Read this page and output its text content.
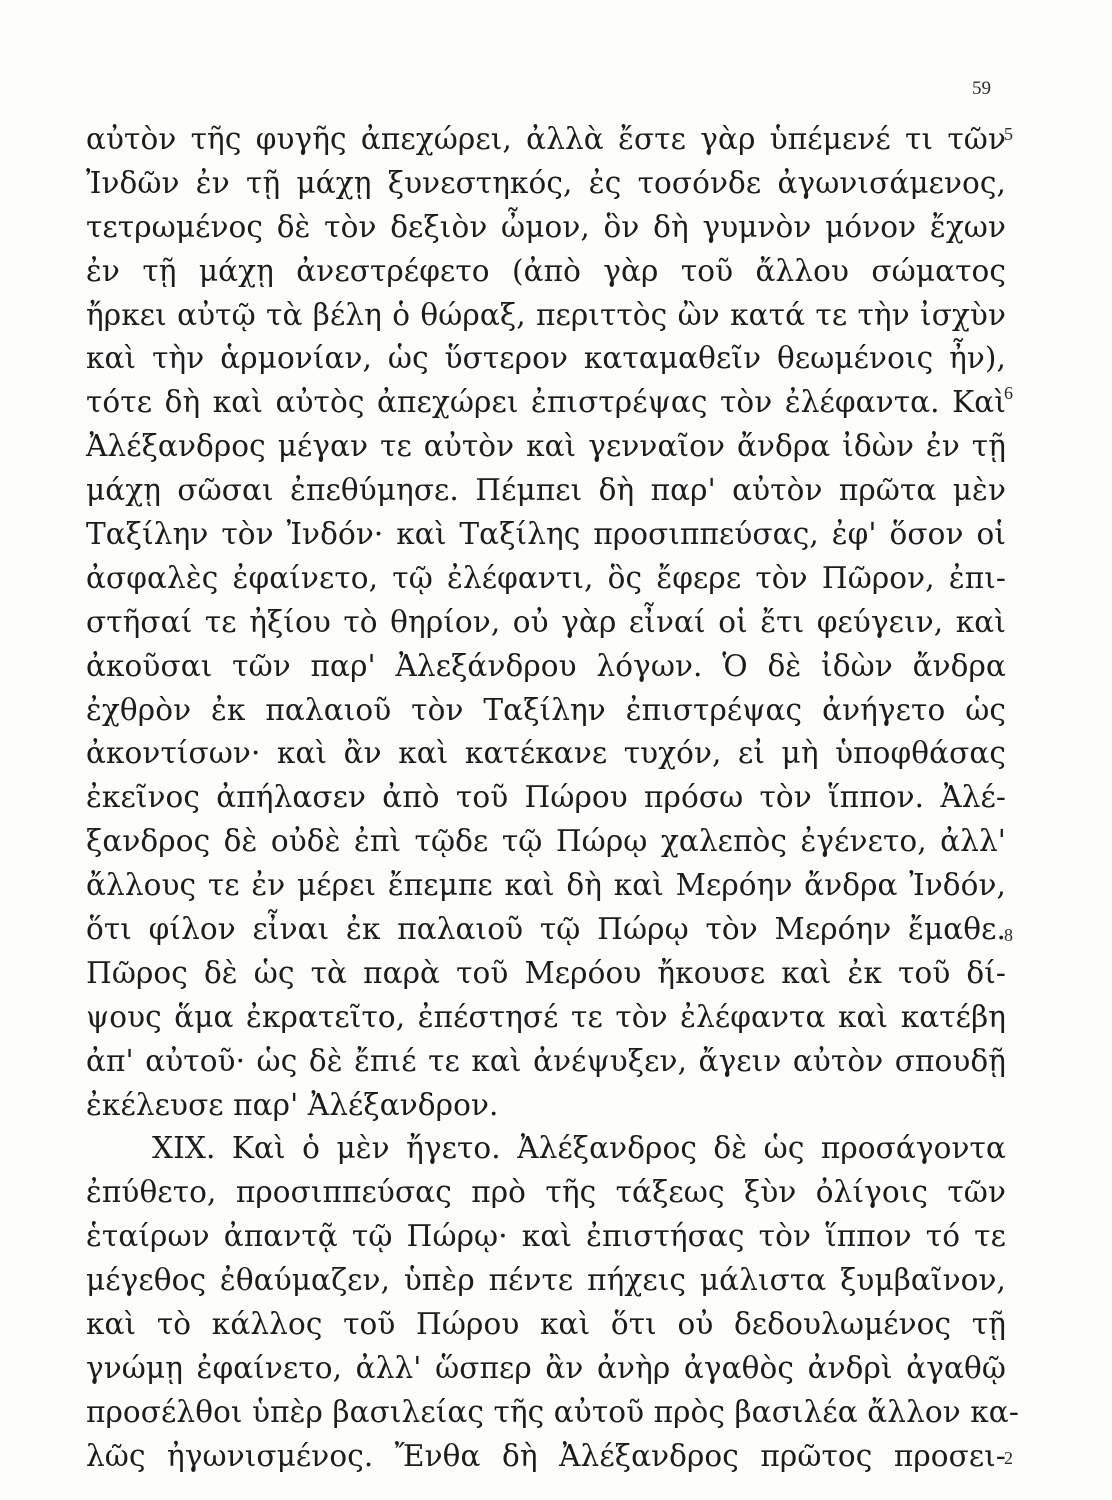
59
5
6
8
2
αὐτὸν τῆς φυγῆς ἀπεχώρει, ἀλλὰ ἔστε γὰρ ὑπέμενέ τι τῶν
Ἰνδῶν ἐν τῇ μάχῃ ξυνεστηκός, ἐς τοσόνδε ἀγωνισάμενος,
τετρωμένος δὲ τὸν δεξιὸν ὦμον, ὃν δὴ γυμνὸν μόνον ἔχων
ἐν τῇ μάχῃ ἀνεστρέφετο (ἀπὸ γὰρ τοῦ ἄλλου σώματος
ἤρκει αὐτῷ τὰ βέλη ὁ θώραξ, περιττὸς ὢν κατά τε τὴν ἰσχὺν
καὶ τὴν ἁρμονίαν, ὡς ὕστερον καταμαθεῖν θεωμένοις ἦν),
τότε δὴ καὶ αὐτὸς ἀπεχώρει ἐπιστρέψας τὸν ἐλέφαντα. Καὶ
Ἀλέξανδρος μέγαν τε αὐτὸν καὶ γενναῖον ἄνδρα ἰδὼν ἐν τῇ
μάχῃ σῶσαι ἐπεθύμησε. Πέμπει δὴ παρ' αὐτὸν πρῶτα μὲν
Ταξίλην τὸν Ἰνδόν· καὶ Ταξίλης προσιππεύσας, ἐφ' ὅσον οἱ
ἀσφαλὲς ἐφαίνετο, τῷ ἐλέφαντι, ὃς ἔφερε τὸν Πῶρον, ἐπι-
στῆσαί τε ἠξίου τὸ θηρίον, οὐ γὰρ εἶναί οἱ ἔτι φεύγειν, καὶ
ἀκοῦσαι τῶν παρ' Ἀλεξάνδρου λόγων. Ὁ δὲ ἰδὼν ἄνδρα
ἐχθρὸν ἐκ παλαιοῦ τὸν Ταξίλην ἐπιστρέψας ἀνήγετο ὡς
ἀκοντίσων· καὶ ἂν καὶ κατέκανε τυχόν, εἰ μὴ ὑποφθάσας
ἐκεῖνος ἀπήλασεν ἀπὸ τοῦ Πώρου πρόσω τὸν ἵππον. Ἀλέ-
ξανδρος δὲ οὐδὲ ἐπὶ τῷδε τῷ Πώρῳ χαλεπὸς ἐγένετο, ἀλλ'
ἄλλους τε ἐν μέρει ἔπεμπε καὶ δὴ καὶ Μερόην ἄνδρα Ἰνδόν,
ὅτι φίλον εἶναι ἐκ παλαιοῦ τῷ Πώρῳ τὸν Μερόην ἔμαθε.
Πῶρος δὲ ὡς τὰ παρὰ τοῦ Μερόου ἤκουσε καὶ ἐκ τοῦ δί-
ψους ἅμα ἐκρατεῖτο, ἐπέστησέ τε τὸν ἐλέφαντα καὶ κατέβη
ἀπ' αὐτοῦ· ὡς δὲ ἔπιέ τε καὶ ἀνέψυξεν, ἄγειν αὐτὸν σπουδῇ
ἐκέλευσε παρ' Ἀλέξανδρον.
XIX. Καὶ ὁ μὲν ἤγετο. Ἀλέξανδρος δὲ ὡς προσάγοντα
ἐπύθετο, προσιππεύσας πρὸ τῆς τάξεως ξὺν ὀλίγοις τῶν
ἑταίρων ἀπαντᾷ τῷ Πώρῳ· καὶ ἐπιστήσας τὸν ἵππον τό τε
μέγεθος ἐθαύμαζεν, ὑπὲρ πέντε πήχεις μάλιστα ξυμβαῖνον,
καὶ τὸ κάλλος τοῦ Πώρου καὶ ὅτι οὐ δεδουλωμένος τῇ
γνώμῃ ἐφαίνετο, ἀλλ' ὥσπερ ἂν ἀνὴρ ἀγαθὸς ἀνδρὶ ἀγαθῷ
προσέλθοι ὑπὲρ βασιλείας τῆς αὐτοῦ πρὸς βασιλέα ἄλλον κα-
λῶς ἠγωνισμένος. Ἔνθα δὴ Ἀλέξανδρος πρῶτος προσει-
